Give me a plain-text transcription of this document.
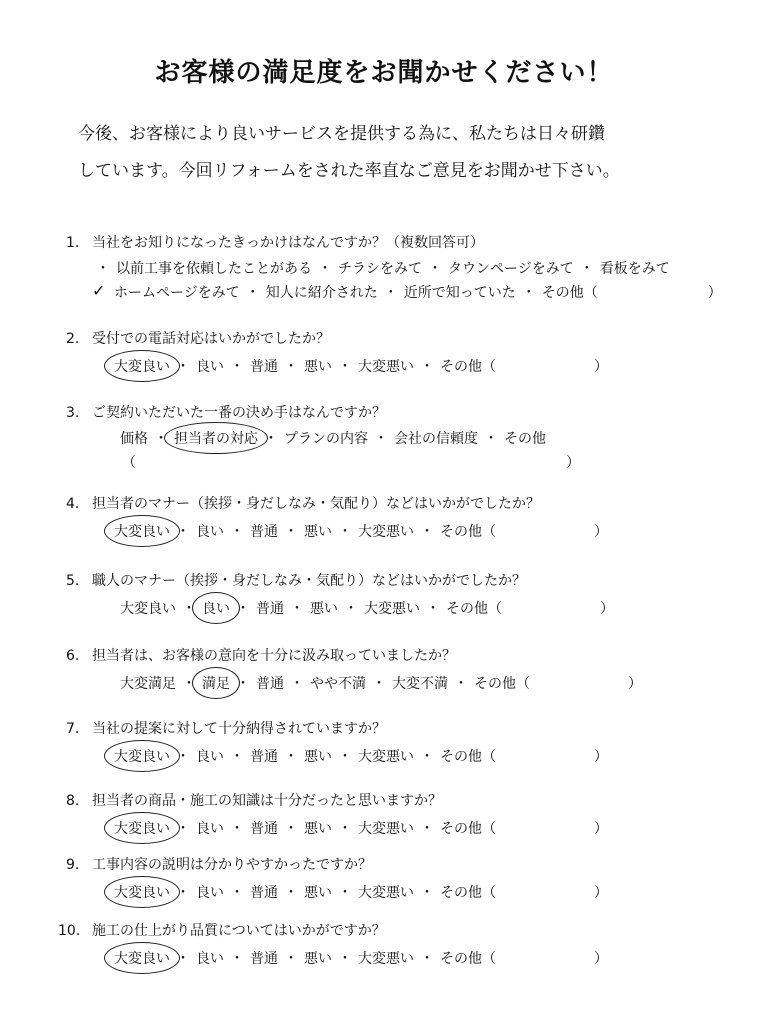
お客様の満足度をお聞かせください！
今後、お客様により良いサービスを提供する為に、私たちは日々研鑽
しています。今回リフォームをされた率直なご意見をお聞かせ下さい。
1. 当社をお知りになったきっかけはなんですか？（複数回答可）
・ 以前工事を依頼したことがある ・ チラシをみて ・ タウンページをみて ・ 看板をみて
✓ ホームページをみて ・ 知人に紹介された ・ 近所で知っていた ・ その他（	）
2. 受付での電話対応はいかがでしたか？
大変良い ・ 良い ・ 普通 ・ 悪い ・ 大変悪い ・ その他（	）
3. ご契約いただいた一番の決め手はなんですか？
価格 ・ 担当者の対応 ・ プランの内容 ・ 会社の信頼度 ・ その他
（	）
4. 担当者のマナー（挨拶・身だしなみ・気配り）などはいかがでしたか？
大変良い ・ 良い ・ 普通 ・ 悪い ・ 大変悪い ・ その他（	）
5. 職人のマナー（挨拶・身だしなみ・気配り）などはいかがでしたか？
大変良い ・ 良い ・ 普通 ・ 悪い ・ 大変悪い ・ その他（	）
6. 担当者は、お客様の意向を十分に汲み取っていましたか？
大変満足 ・ 満足 ・ 普通 ・ やや不満 ・ 大変不満 ・ その他（	）
7. 当社の提案に対して十分納得されていますか？
大変良い ・ 良い ・ 普通 ・ 悪い ・ 大変悪い ・ その他（	）
8. 担当者の商品・施工の知識は十分だったと思いますか？
大変良い ・ 良い ・ 普通 ・ 悪い ・ 大変悪い ・ その他（	）
9. 工事内容の説明は分かりやすかったですか？
大変良い ・ 良い ・ 普通 ・ 悪い ・ 大変悪い ・ その他（	）
10. 施工の仕上がり品質についてはいかがですか？
大変良い ・ 良い ・ 普通 ・ 悪い ・ 大変悪い ・ その他（	）
